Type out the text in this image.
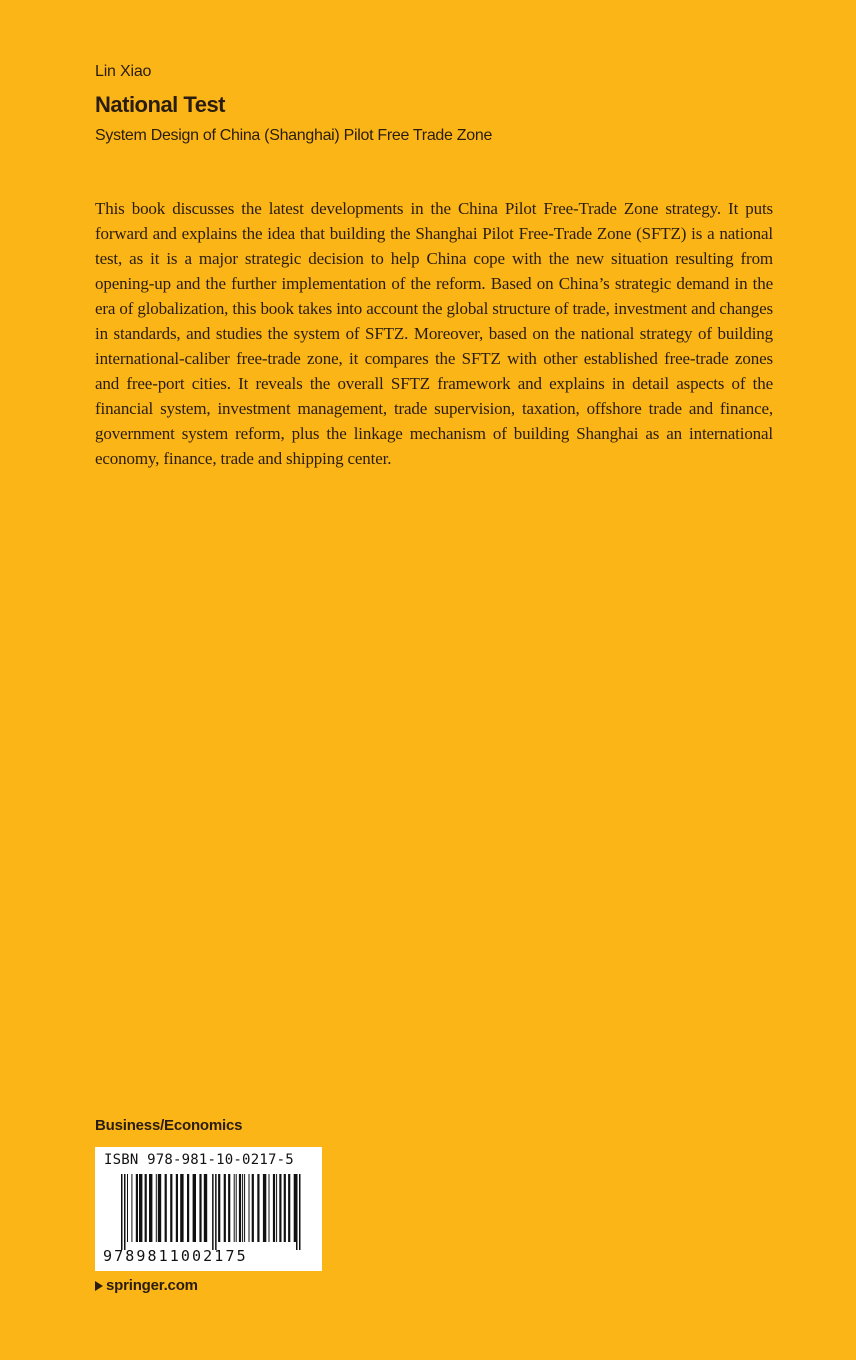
Lin Xiao
National Test
System Design of China (Shanghai) Pilot Free Trade Zone
This book discusses the latest developments in the China Pilot Free-Trade Zone strategy. It puts forward and explains the idea that building the Shanghai Pilot Free-Trade Zone (SFTZ) is a national test, as it is a major strategic decision to help China cope with the new situation resulting from opening-up and the further implementation of the reform. Based on China’s strategic demand in the era of globalization, this book takes into account the global structure of trade, investment and changes in standards, and studies the system of SFTZ. Moreover, based on the national strategy of building international-caliber free-trade zone, it compares the SFTZ with other established free-trade zones and free-port cities. It reveals the overall SFTZ framework and explains in detail aspects of the financial system, investment management, trade supervision, taxation, offshore trade and finance, government system reform, plus the linkage mechanism of building Shanghai as an international economy, finance, trade and shipping center.
Business/Economics
ISBN 978-981-10-0217-5
9789811002175
springer.com
